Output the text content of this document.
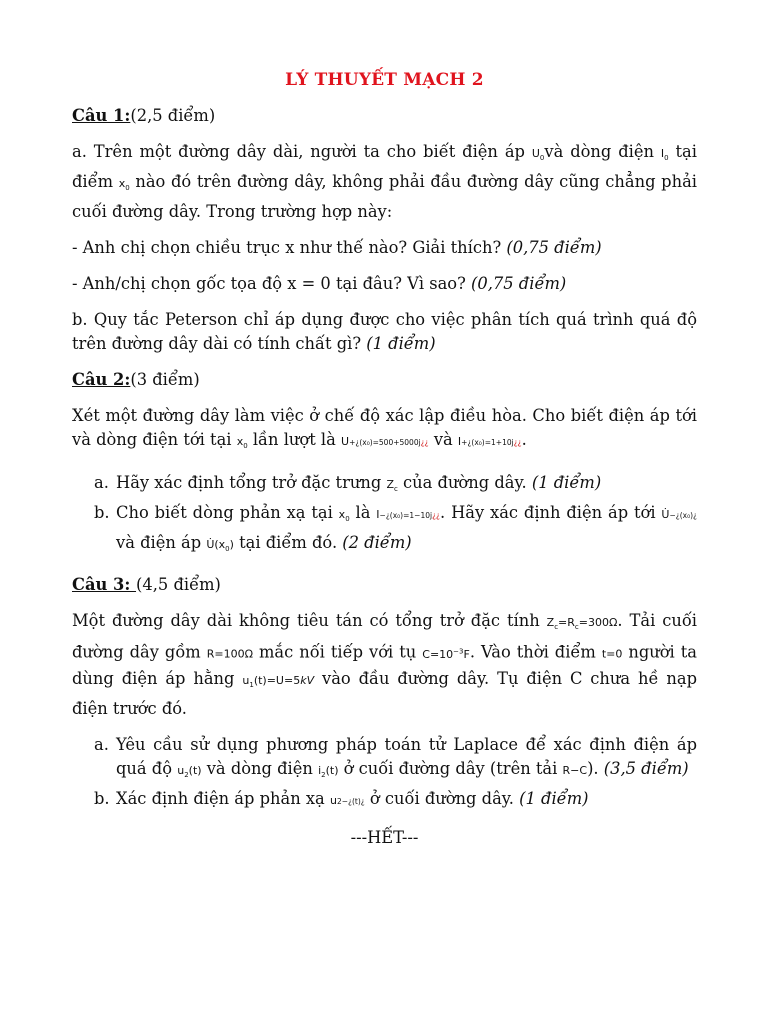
LÝ THUYẾT MẠCH 2
Câu 1:(2,5 điểm)
a. Trên một đường dây dài, người ta cho biết điện áp $U_0và$ dòng điện $I_0$ tại điểm $x_0$ nào đó trên đường dây, không phải đầu đường dây cũng chẳng phải cuối đường dây. Trong trường hợp này:
- Anh chị chọn chiều trục x như thế nào? Giải thích? (0,75 điểm)
- Anh/chị chọn gốc tọa độ x = 0 tại đâu? Vì sao? (0,75 điểm)
b. Quy tắc Peterson chỉ áp dụng được cho việc phân tích quá trình quá độ trên đường dây dài có tính chất gì? (1 điểm)
Câu 2:(3 điểm)
Xét một đường dây làm việc ở chế độ xác lập điều hòa. Cho biết điện áp tới và dòng điện tới tại $x_0$ lần lượt là U+¿(x₀)=500+5000j¿¿ và I+¿(x₀)=1+10j¿¿.
a. Hãy xác định tổng trở đặc trưng $Z_c$ của đường dây. (1 điểm)
b. Cho biết dòng phản xạ tại $x_0$ là I−¿(x₀)=1−10j¿¿. Hãy xác định điện áp tới U̇−¿(x₀)¿ và điện áp $U̇(x_0)$ tại điểm đó. (2 điểm)
Câu 3: (4,5 điểm)
Một đường dây dài không tiêu tán có tổng trở đặc tính $Z_c=R_c=300\Omega$. Tải cuối đường dây gồm R=100Ω mắc nối tiếp với tụ $C=10^{-3}F$. Vào thời điểm t=0 người ta dùng điện áp hằng $u_1(t)=U=5kV$ vào đầu đường dây. Tụ điện C chưa hề nạp điện trước đó.
a. Yêu cầu sử dụng phương pháp toán tử Laplace để xác định điện áp quá độ $u_2(t)$ và dòng điện $i_2(t)$ ở cuối đường dây (trên tải R−C). (3,5 điểm)
b. Xác định điện áp phản xạ u2−¿(t)¿ ở cuối đường dây. (1 điểm)
---HẾT---
